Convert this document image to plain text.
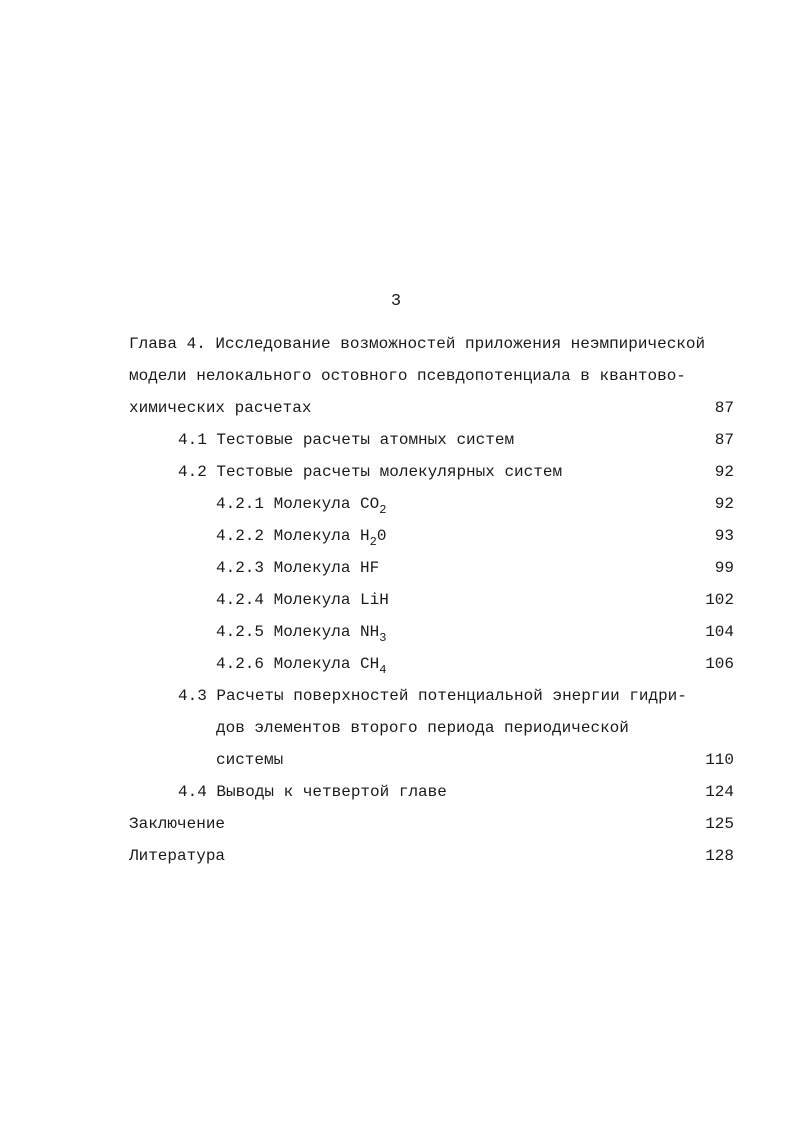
3
Глава 4. Исследование возможностей приложения неэмпирической
модели нелокального остовного псевдопотенциала в квантово-
химических расчетах	87
4.1 Тестовые расчеты атомных систем	87
4.2 Тестовые расчеты молекулярных систем	92
4.2.1 Молекула $СО_2$	92
4.2.2 Молекула $Н_20$	93
4.2.3 Молекула НF	99
4.2.4 Молекула LiН	102
4.2.5 Молекула $NН_3$	104
4.2.6 Молекула $СН_4$	106
4.3 Расчеты поверхностей потенциальной энергии гидри-
дов элементов второго периода периодической
системы	110
4.4 Выводы к четвертой главе	124
Заключение	125
Литература	128
